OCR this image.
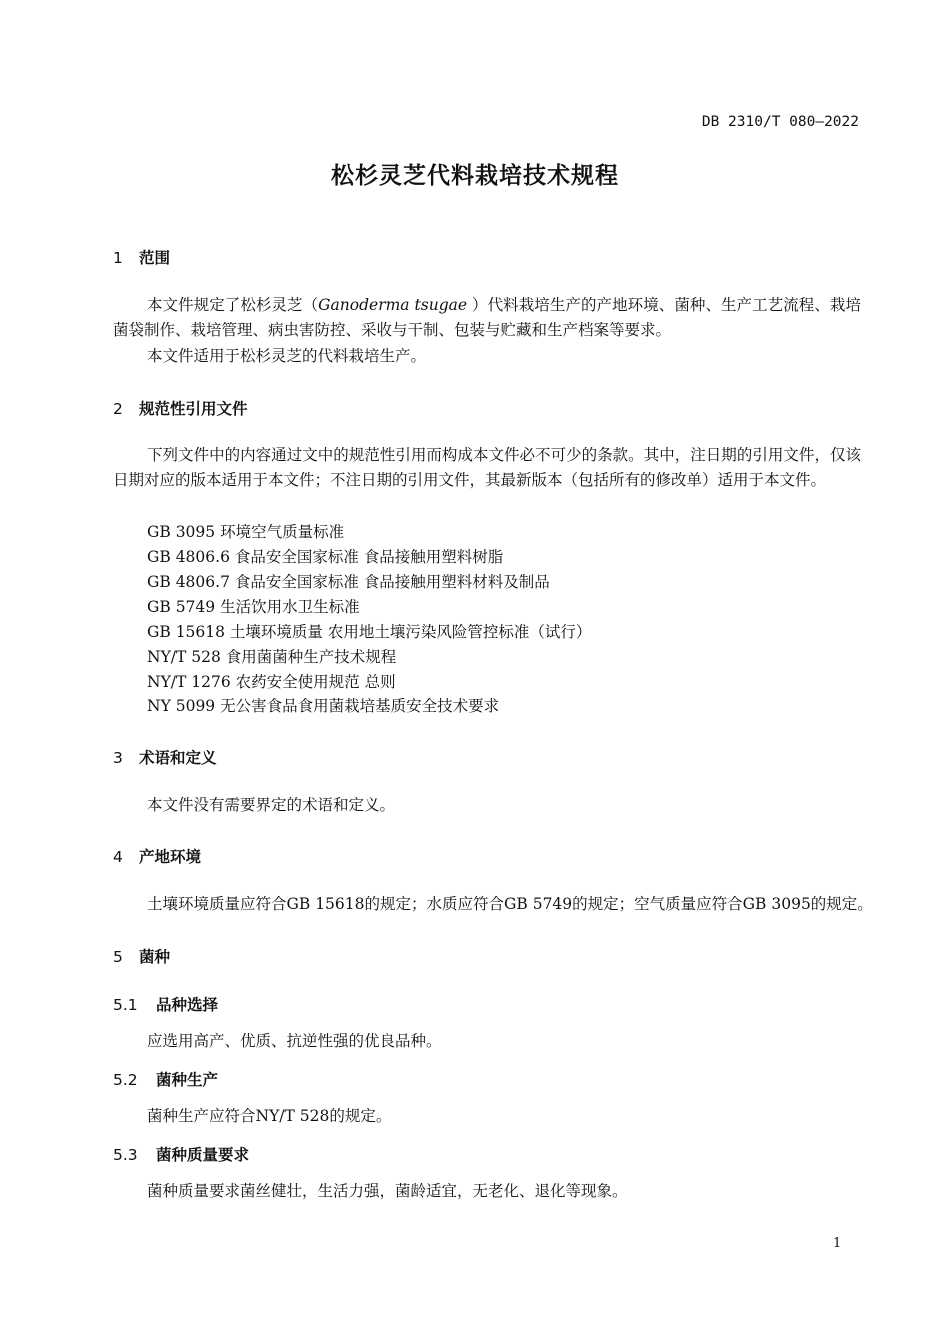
DB 2310/T 080—2022
松杉灵芝代料栽培技术规程
1 范围
本文件规定了松杉灵芝（Ganoderma tsugae ）代料栽培生产的产地环境、菌种、生产工艺流程、栽培菌袋制作、栽培管理、病虫害防控、采收与干制、包装与贮藏和生产档案等要求。
本文件适用于松杉灵芝的代料栽培生产。
2 规范性引用文件
下列文件中的内容通过文中的规范性引用而构成本文件必不可少的条款。其中，注日期的引用文件，仅该日期对应的版本适用于本文件；不注日期的引用文件，其最新版本（包括所有的修改单）适用于本文件。
GB 3095 环境空气质量标准
GB 4806.6 食品安全国家标准 食品接触用塑料树脂
GB 4806.7 食品安全国家标准 食品接触用塑料材料及制品
GB 5749 生活饮用水卫生标准
GB 15618 土壤环境质量 农用地土壤污染风险管控标准（试行）
NY/T 528 食用菌菌种生产技术规程
NY/T 1276 农药安全使用规范 总则
NY 5099 无公害食品食用菌栽培基质安全技术要求
3 术语和定义
本文件没有需要界定的术语和定义。
4 产地环境
土壤环境质量应符合GB 15618的规定；水质应符合GB 5749的规定；空气质量应符合GB 3095的规定。
5 菌种
5.1 品种选择
应选用高产、优质、抗逆性强的优良品种。
5.2 菌种生产
菌种生产应符合NY/T 528的规定。
5.3 菌种质量要求
菌种质量要求菌丝健壮，生活力强，菌龄适宜，无老化、退化等现象。
1
